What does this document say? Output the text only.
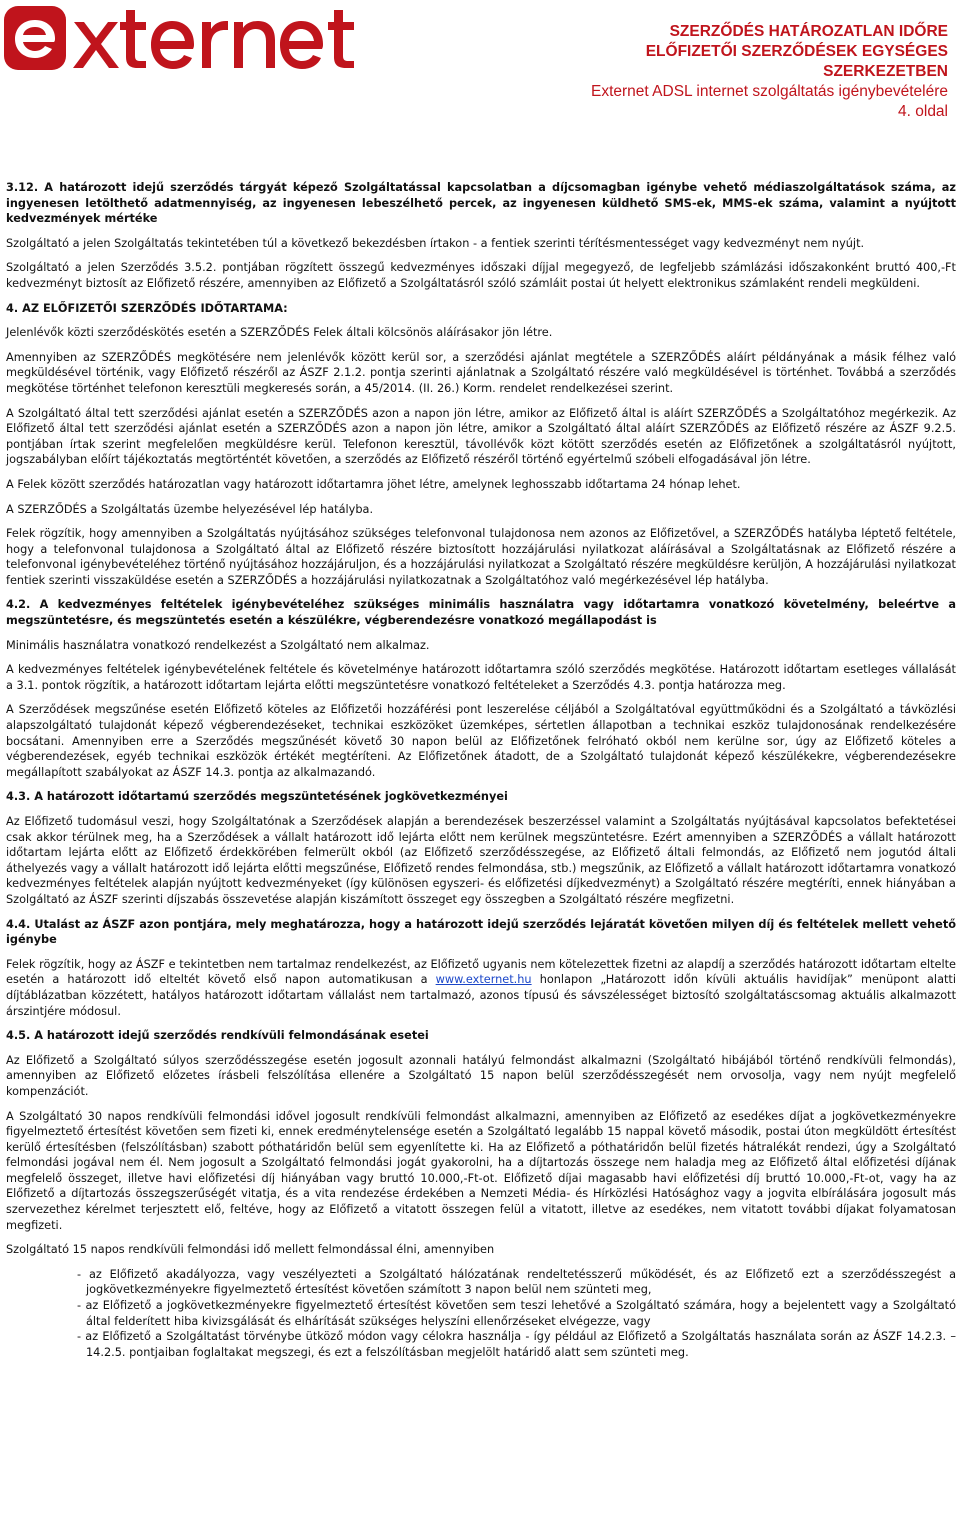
SZERZŐDÉS HATÁROZATLAN IDŐRE
ELŐFIZETŐI SZERZŐDÉSEK EGYSÉGES
SZERKEZETBEN
Externet ADSL internet szolgáltatás igénybevételére
4. oldal

3.12. A határozott idejű szerződés tárgyát képező Szolgáltatással kapcsolatban a díjcsomagban igénybe vehető médiaszolgáltatások száma, az ingyenesen letölthető adatmennyiség, az ingyenesen lebeszélhető percek, az ingyenesen küldhető SMS-ek, MMS-ek száma, valamint a nyújtott kedvezmények mértéke

Szolgáltató a jelen Szolgáltatás tekintetében túl a következő bekezdésben írtakon - a fentiek szerinti térítésmentességet vagy kedvezményt nem nyújt.

Szolgáltató a jelen Szerződés 3.5.2. pontjában rögzített összegű kedvezményes időszaki díjjal megegyező, de legfeljebb számlázási időszakonként bruttó 400,-Ft kedvezményt biztosít az Előfizető részére, amennyiben az Előfizető a Szolgáltatásról szóló számláit postai út helyett elektronikus számlaként rendeli megküldeni.

4. AZ ELŐFIZETŐI SZERZŐDÉS IDŐTARTAMA:

Jelenlévők közti szerződéskötés esetén a SZERZŐDÉS Felek általi kölcsönös aláírásakor jön létre.

Amennyiben az SZERZŐDÉS megkötésére nem jelenlévők között kerül sor, a szerződési ajánlat megtétele a SZERZŐDÉS aláírt példányának a másik félhez való megküldésével történik, vagy Előfizető részéről az ÁSZF 2.1.2. pontja szerinti ajánlatnak a Szolgáltató részére való megküldésével is történhet. Továbbá a szerződés megkötése történhet telefonon keresztüli megkeresés során, a 45/2014. (II. 26.) Korm. rendelet rendelkezései szerint.

A Szolgáltató által tett szerződési ajánlat esetén a SZERZŐDÉS azon a napon jön létre, amikor az Előfizető által is aláírt SZERZŐDÉS a Szolgáltatóhoz megérkezik. Az Előfizető által tett szerződési ajánlat esetén a SZERZŐDÉS azon a napon jön létre, amikor a Szolgáltató által aláírt SZERZŐDÉS az Előfizető részére az ÁSZF 9.2.5. pontjában írtak szerint megfelelően megküldésre kerül. Telefonon keresztül, távollévők közt kötött szerződés esetén az Előfizetőnek a szolgáltatásról nyújtott, jogszabályban előírt tájékoztatás megtörténtét követően, a szerződés az Előfizető részéről történő egyértelmű szóbeli elfogadásával jön létre.

A Felek között szerződés határozatlan vagy határozott időtartamra jöhet létre, amelynek leghosszabb időtartama 24 hónap lehet.

A SZERZŐDÉS a Szolgáltatás üzembe helyezésével lép hatályba.

Felek rögzítik, hogy amennyiben a Szolgáltatás nyújtásához szükséges telefonvonal tulajdonosa nem azonos az Előfizetővel, a SZERZŐDÉS hatályba léptető feltétele, hogy a telefonvonal tulajdonosa a Szolgáltató által az Előfizető részére biztosított hozzájárulási nyilatkozat aláírásával a Szolgáltatásnak az Előfizető részére a telefonvonal igénybevételéhez történő nyújtásához hozzájáruljon, és a hozzájárulási nyilatkozat a Szolgáltató részére megküldésre kerüljön, A hozzájárulási nyilatkozat fentiek szerinti visszaküldése esetén a SZERZŐDÉS a hozzájárulási nyilatkozatnak a Szolgáltatóhoz való megérkezésével lép hatályba.

4.2. A kedvezményes feltételek igénybevételéhez szükséges minimális használatra vagy időtartamra vonatkozó követelmény, beleértve a megszüntetésre, és megszüntetés esetén a készülékre, végberendezésre vonatkozó megállapodást is

Minimális használatra vonatkozó rendelkezést a Szolgáltató nem alkalmaz.

A kedvezményes feltételek igénybevételének feltétele és követelménye határozott időtartamra szóló szerződés megkötése. Határozott időtartam esetleges vállalását a 3.1. pontok rögzítik, a határozott időtartam lejárta előtti megszüntetésre vonatkozó feltételeket a Szerződés 4.3. pontja határozza meg.

A Szerződések megszűnése esetén Előfizető köteles az Előfizetői hozzáférési pont leszerelése céljából a Szolgáltatóval együttműködni és a Szolgáltató a távközlési alapszolgáltató tulajdonát képező végberendezéseket, technikai eszközöket üzemképes, sértetlen állapotban a technikai eszköz tulajdonosának rendelkezésére bocsátani. Amennyiben erre a Szerződés megszűnését követő 30 napon belül az Előfizetőnek felróható okból nem kerülne sor, úgy az Előfizető köteles a végberendezések, egyéb technikai eszközök értékét megtéríteni. Az Előfizetőnek átadott, de a Szolgáltató tulajdonát képező készülékekre, végberendezésekre megállapított szabályokat az ÁSZF 14.3. pontja az alkalmazandó.

4.3. A határozott időtartamú szerződés megszüntetésének jogkövetkezményei

Az Előfizető tudomásul veszi, hogy Szolgáltatónak a Szerződések alapján a berendezések beszerzéssel valamint a Szolgáltatás nyújtásával kapcsolatos befektetései csak akkor térülnek meg, ha a Szerződések a vállalt határozott idő lejárta előtt nem kerülnek megszüntetésre. Ezért amennyiben a SZERZŐDÉS a vállalt határozott időtartam lejárta előtt az Előfizető érdekkörében felmerült okból (az Előfizető szerződésszegése, az Előfizető általi felmondás, az Előfizető nem jogutód általi áthelyezés vagy a vállalt határozott idő lejárta előtti megszűnése, Előfizető rendes felmondása, stb.) megszűnik, az Előfizető a vállalt határozott időtartamra vonatkozó kedvezményes feltételek alapján nyújtott kedvezményeket (így különösen egyszeri- és előfizetési díjkedvezményt) a Szolgáltató részére megtéríti, ennek hiányában a Szolgáltató az ÁSZF szerinti díjszabás összevetése alapján kiszámított összeget egy összegben a Szolgáltató részére megfizetni.

4.4. Utalást az ÁSZF azon pontjára, mely meghatározza, hogy a határozott idejű szerződés lejáratát követően milyen díj és feltételek mellett vehető igénybe

Felek rögzítik, hogy az ÁSZF e tekintetben nem tartalmaz rendelkezést, az Előfizető ugyanis nem kötelezettek fizetni az alapdíj a szerződés határozott időtartam eltelte esetén a határozott idő elteltét követő első napon automatikusan a www.externet.hu honlapon „Határozott időn kívüli aktuális havidíjak” menüpont alatti díjtáblázatban közzétett, hatályos határozott időtartam vállalást nem tartalmazó, azonos típusú és sávszélességet biztosító szolgáltatáscsomag aktuális alkalmazott árszintjére módosul.

4.5. A határozott idejű szerződés rendkívüli felmondásának esetei

Az Előfizető a Szolgáltató súlyos szerződésszegése esetén jogosult azonnali hatályú felmondást alkalmazni (Szolgáltató hibájából történő rendkívüli felmondás), amennyiben az Előfizető előzetes írásbeli felszólítása ellenére a Szolgáltató 15 napon belül szerződésszegését nem orvosolja, vagy nem nyújt megfelelő kompenzációt.

A Szolgáltató 30 napos rendkívüli felmondási idővel jogosult rendkívüli felmondást alkalmazni, amennyiben az Előfizető az esedékes díjat a jogkövetkezményekre figyelmeztető értesítést követően sem fizeti ki, ennek eredménytelensége esetén a Szolgáltató legalább 15 nappal követő második, postai úton megküldött értesítést kerülő értesítésben (felszólításban) szabott póthatáridőn belül sem egyenlítette ki. Ha az Előfizető a póthatáridőn belül fizetés hátralékát rendezi, úgy a Szolgáltató felmondási jogával nem él. Nem jogosult a Szolgáltató felmondási jogát gyakorolni, ha a díjtartozás összege nem haladja meg az Előfizető által előfizetési díjának megfelelő összeget, illetve havi előfizetési díj hiányában vagy bruttó 10.000,-Ft-ot. Előfizető díjai magasabb havi előfizetési díj bruttó 10.000,-Ft-ot, vagy ha az Előfizető a díjtartozás összegszerűségét vitatja, és a vita rendezése érdekében a Nemzeti Média- és Hírközlési Hatósághoz vagy a jogvita elbírálására jogosult más szervezethez kérelmet terjesztett elő, feltéve, hogy az Előfizető a vitatott összegen felül a vitatott, illetve az esedékes, nem vitatott további díjakat folyamatosan megfizeti.

Szolgáltató 15 napos rendkívüli felmondási idő mellett felmondással élni, amennyiben

- az Előfizető akadályozza, vagy veszélyezteti a Szolgáltató hálózatának rendeltetésszerű működését, és az Előfizető ezt a szerződésszegést a jogkövetkezményekre figyelmeztető értesítést követően számított 3 napon belül nem szünteti meg,
- az Előfizető a jogkövetkezményekre figyelmeztető értesítést követően sem teszi lehetővé a Szolgáltató számára, hogy a bejelentett vagy a Szolgáltató által felderített hiba kivizsgálását és elhárítását szükséges helyszíni ellenőrzéseket elvégezze, vagy
- az Előfizető a Szolgáltatást törvénybe ütköző módon vagy célokra használja - így például az Előfizető a Szolgáltatás használata során az ÁSZF 14.2.3. – 14.2.5. pontjaiban foglaltakat megszegi, és ezt a felszólításban megjelölt határidő alatt sem szünteti meg.
